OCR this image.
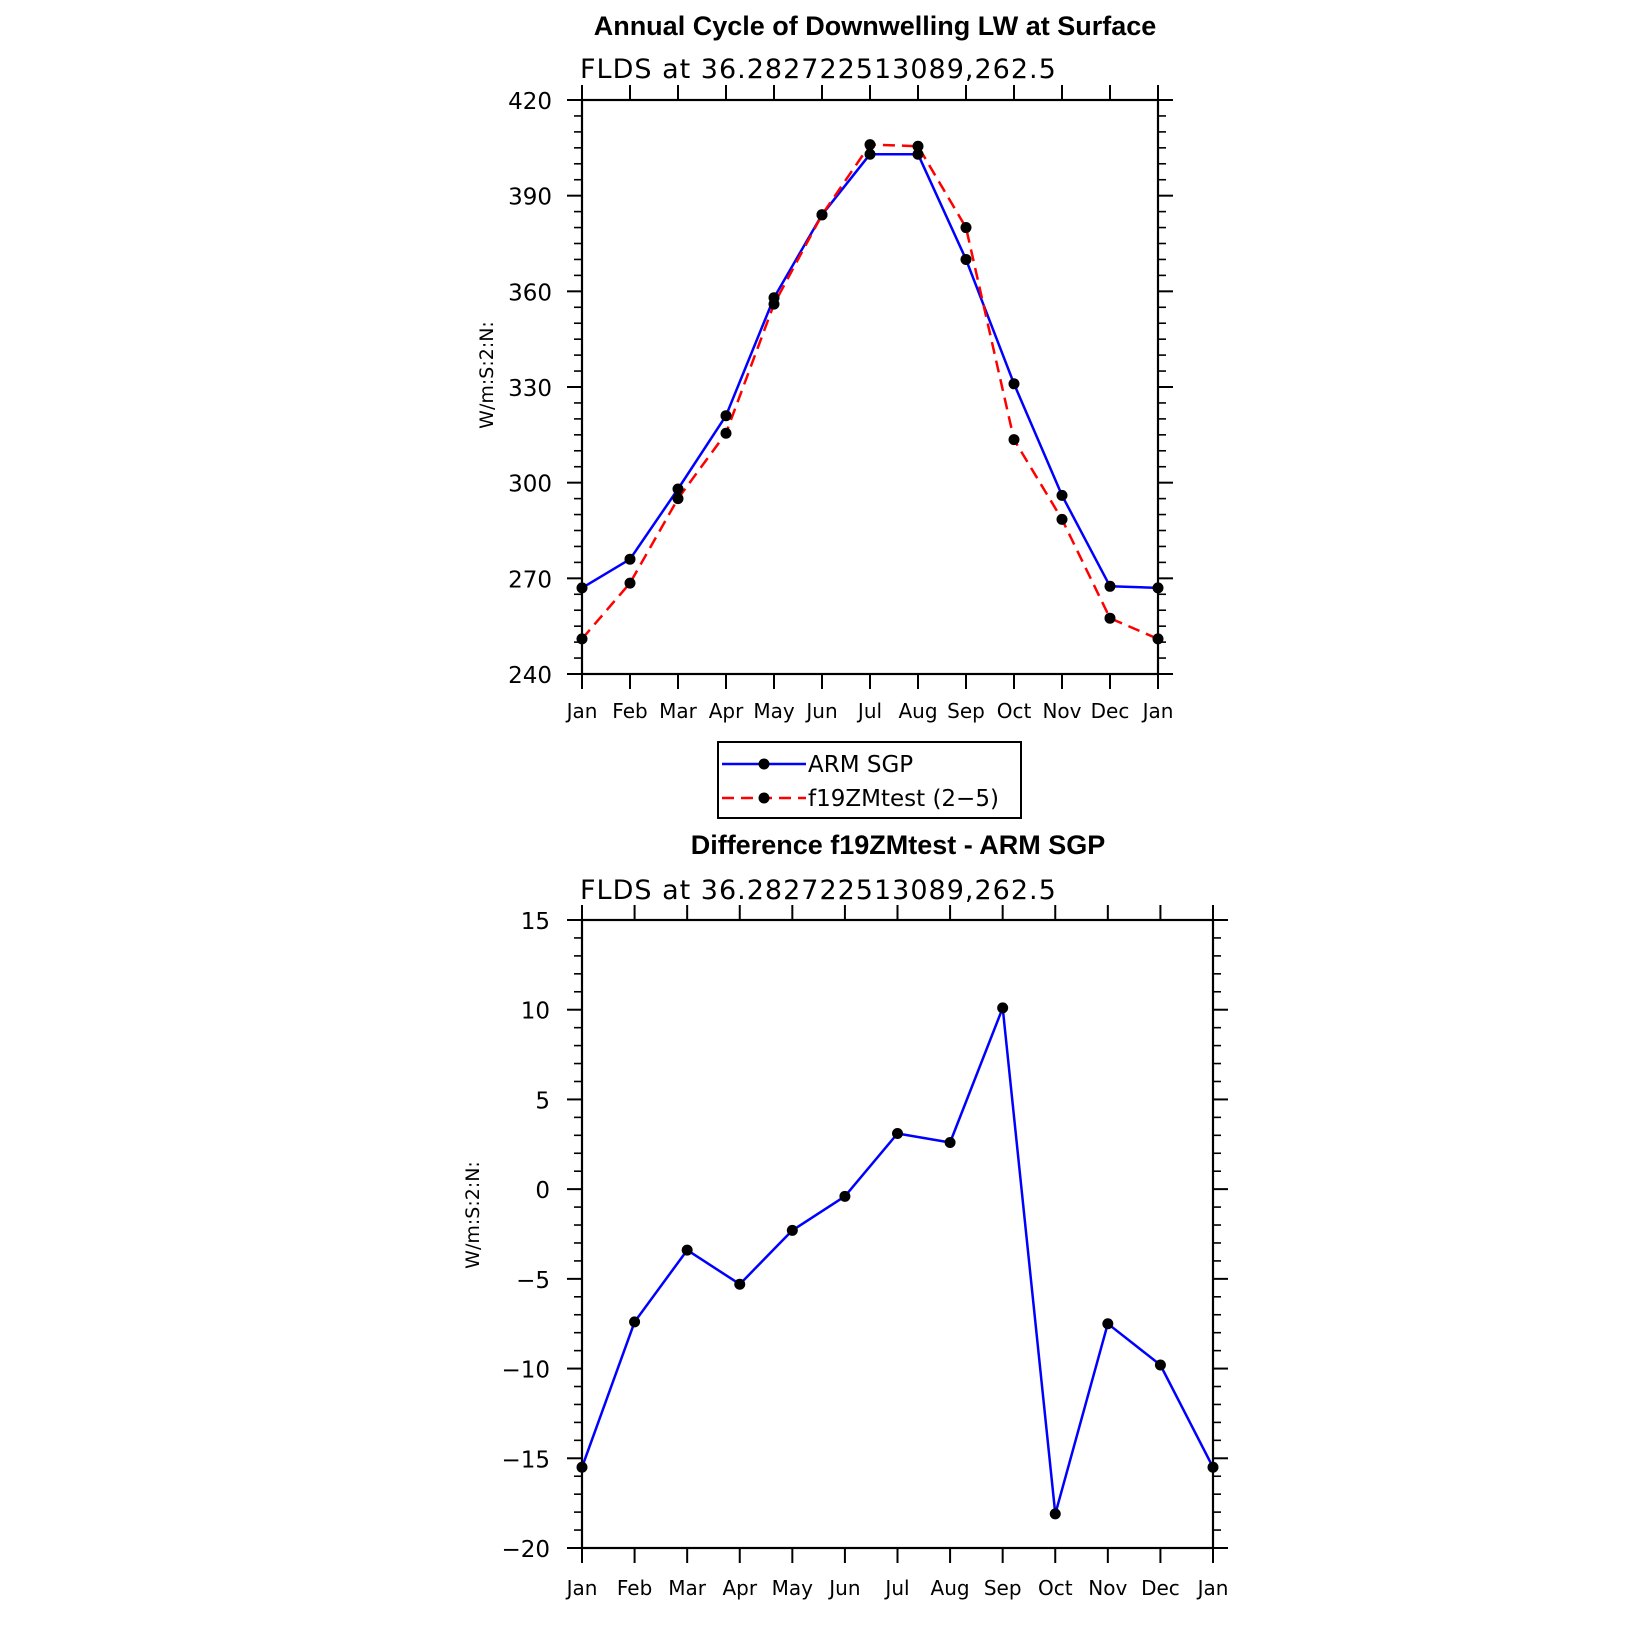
Annual Cycle of Downwelling LW at Surface
FLDS at 36.282722513089,262.5
W/m:S:2:N:
240
270
300
330
360
390
420
Jan Feb Mar Apr May Jun Jul Aug Sep Oct Nov Dec Jan
ARM SGP
f19ZMtest (2−5)
Difference f19ZMtest - ARM SGP
FLDS at 36.282722513089,262.5
W/m:S:2:N:
−20
−15
−10
−5
0
5
10
15
Jan Feb Mar Apr May Jun Jul Aug Sep Oct Nov Dec Jan
